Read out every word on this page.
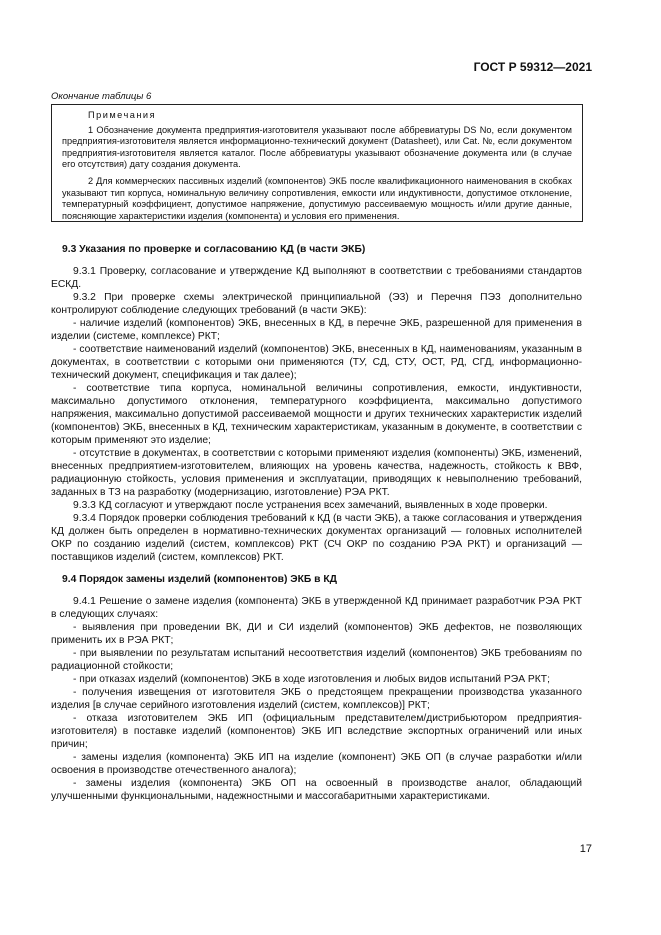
ГОСТ Р 59312—2021
Окончание таблицы 6

Примечания

1 Обозначение документа предприятия-изготовителя указывают после аббревиатуры DS No, если документом предприятия-изготовителя является информационно-технический документ (Datasheet), или Cat. №, если документом предприятия-изготовителя является каталог. После аббревиатуры указывают обозначение документа или (в случае его отсутствия) дату создания документа.

2 Для коммерческих пассивных изделий (компонентов) ЭКБ после квалификационного наименования в скобках указывают тип корпуса, номинальную величину сопротивления, емкости или индуктивности, допустимое отклонение, температурный коэффициент, допустимое напряжение, допустимую рассеиваемую мощность и/или другие данные, поясняющие характеристики изделия (компонента) и условия его применения.

9.3 Указания по проверке и согласованию КД (в части ЭКБ)

9.3.1 Проверку, согласование и утверждение КД выполняют в соответствии с требованиями стандартов ЕСКД.

9.3.2 При проверке схемы электрической принципиальной (Э3) и Перечня ПЭ3 дополнительно контролируют соблюдение следующих требований (в части ЭКБ):

- наличие изделий (компонентов) ЭКБ, внесенных в КД, в перечне ЭКБ, разрешенной для применения в изделии (системе, комплексе) РКТ;

- соответствие наименований изделий (компонентов) ЭКБ, внесенных в КД, наименованиям, указанным в документах, в соответствии с которыми они применяются (ТУ, СД, СТУ, ОСТ, РД, СГД, информационно-технический документ, спецификация и так далее);

- соответствие типа корпуса, номинальной величины сопротивления, емкости, индуктивности, максимально допустимого отклонения, температурного коэффициента, максимально допустимого напряжения, максимально допустимой рассеиваемой мощности и других технических характеристик изделий (компонентов) ЭКБ, внесенных в КД, техническим характеристикам, указанным в документе, в соответствии с которым применяют это изделие;

- отсутствие в документах, в соответствии с которыми применяют изделия (компоненты) ЭКБ, изменений, внесенных предприятием-изготовителем, влияющих на уровень качества, надежность, стойкость к ВВФ, радиационную стойкость, условия применения и эксплуатации, приводящих к невыполнению требований, заданных в ТЗ на разработку (модернизацию, изготовление) РЭА РКТ.

9.3.3 КД согласуют и утверждают после устранения всех замечаний, выявленных в ходе проверки.

9.3.4 Порядок проверки соблюдения требований к КД (в части ЭКБ), а также согласования и утверждения КД должен быть определен в нормативно-технических документах организаций — головных исполнителей ОКР по созданию изделий (систем, комплексов) РКТ (СЧ ОКР по созданию РЭА РКТ) и организаций — поставщиков изделий (систем, комплексов) РКТ.

9.4 Порядок замены изделий (компонентов) ЭКБ в КД

9.4.1 Решение о замене изделия (компонента) ЭКБ в утвержденной КД принимает разработчик РЭА РКТ в следующих случаях:

- выявления при проведении ВК, ДИ и СИ изделий (компонентов) ЭКБ дефектов, не позволяющих применить их в РЭА РКТ;

- при выявлении по результатам испытаний несоответствия изделий (компонентов) ЭКБ требованиям по радиационной стойкости;

- при отказах изделий (компонентов) ЭКБ в ходе изготовления и любых видов испытаний РЭА РКТ;

- получения извещения от изготовителя ЭКБ о предстоящем прекращении производства указанного изделия [в случае серийного изготовления изделий (систем, комплексов)] РКТ;

- отказа изготовителем ЭКБ ИП (официальным представителем/дистрибьютором предприятия-изготовителя) в поставке изделий (компонентов) ЭКБ ИП вследствие экспортных ограничений или иных причин;

- замены изделия (компонента) ЭКБ ИП на изделие (компонент) ЭКБ ОП (в случае разработки и/или освоения в производстве отечественного аналога);

- замены изделия (компонента) ЭКБ ОП на освоенный в производстве аналог, обладающий улучшенными функциональными, надежностными и массогабаритными характеристиками.

17
